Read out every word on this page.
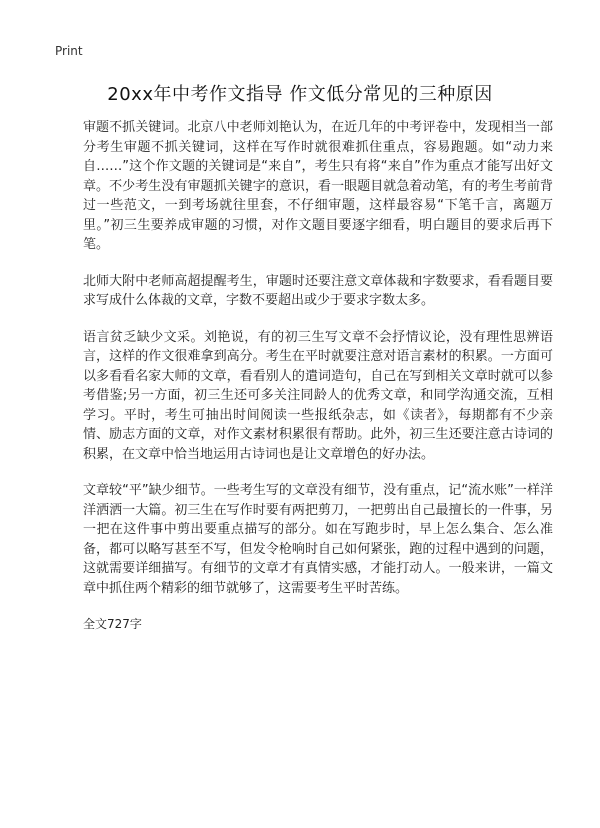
Print
20xx年中考作文指导 作文低分常见的三种原因

审题不抓关键词。北京八中老师刘艳认为，在近几年的中考评卷中，发现相当一部分考生审题不抓关键词，这样在写作时就很难抓住重点，容易跑题。如“动力来自……”这个作文题的关键词是“来自”，考生只有将“来自”作为重点才能写出好文章。不少考生没有审题抓关键字的意识，看一眼题目就急着动笔，有的考生考前背过一些范文，一到考场就往里套，不仔细审题，这样最容易“下笔千言，离题万里。”初三生要养成审题的习惯，对作文题目要逐字细看，明白题目的要求后再下笔。

北师大附中老师高超提醒考生，审题时还要注意文章体裁和字数要求，看看题目要求写成什么体裁的文章，字数不要超出或少于要求字数太多。

语言贫乏缺少文采。刘艳说，有的初三生写文章不会抒情议论，没有理性思辨语言，这样的作文很难拿到高分。考生在平时就要注意对语言素材的积累。一方面可以多看看名家大师的文章，看看别人的遣词造句，自己在写到相关文章时就可以参考借鉴;另一方面，初三生还可多关注同龄人的优秀文章，和同学沟通交流，互相学习。平时，考生可抽出时间阅读一些报纸杂志，如《读者》，每期都有不少亲情、励志方面的文章，对作文素材积累很有帮助。此外，初三生还要注意古诗词的积累，在文章中恰当地运用古诗词也是让文章增色的好办法。

文章较“平”缺少细节。一些考生写的文章没有细节，没有重点，记“流水账”一样洋洋洒洒一大篇。初三生在写作时要有两把剪刀，一把剪出自己最擅长的一件事，另一把在这件事中剪出要重点描写的部分。如在写跑步时，早上怎么集合、怎么准备，都可以略写甚至不写，但发令枪响时自己如何紧张，跑的过程中遇到的问题，这就需要详细描写。有细节的文章才有真情实感，才能打动人。一般来讲，一篇文章中抓住两个精彩的细节就够了，这需要考生平时苦练。

全文727字
